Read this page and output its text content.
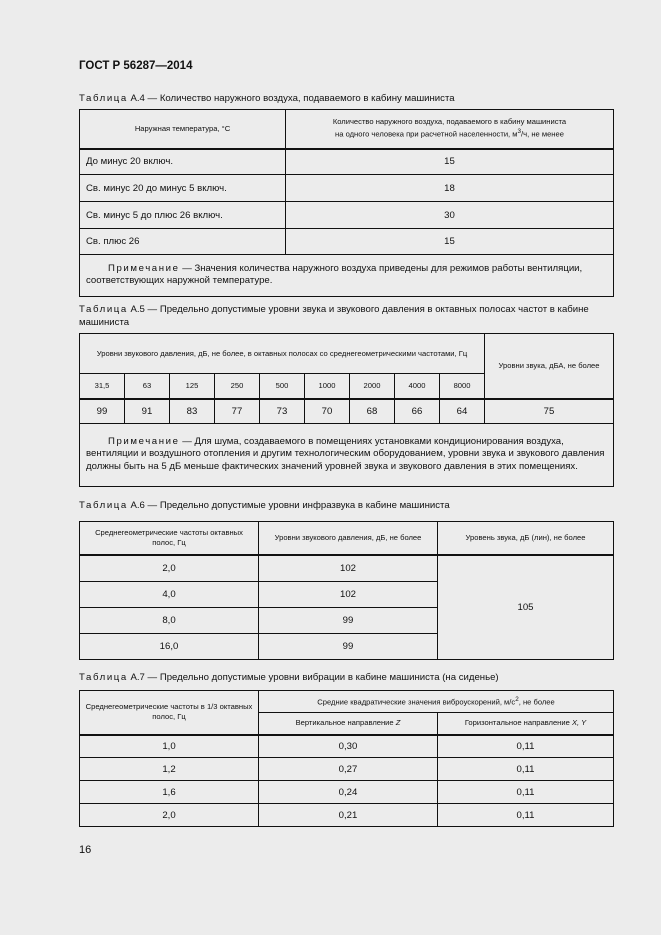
ГОСТ Р 56287—2014
Таблица А.4 — Количество наружного воздуха, подаваемого в кабину машиниста
Наружная температура, °С	Количество наружного воздуха, подаваемого в кабину машиниста
на одного человека при расчетной населенности, $м^3/ч$, не менее
До минус 20 включ.	15
Св. минус 20 до минус 5 включ.	18
Св. минус 5 до плюс 26 включ.	30
Св. плюс 26	15
Примечание — Значения количества наружного воздуха приведены для режимов работы вентиляции, соответствующих наружной температуре.	
Таблица А.5 — Предельно допустимые уровни звука и звукового давления в октавных полосах частот в кабине машиниста
Уровни звукового давления, дБ, не более, в октавных полосах со среднегеометрическими частотами, Гц									Уровни звука, дБА, не более
31,5	63	125	250	500	1000	2000	4000	8000	
99	91	83	77	73	70	68	66	64	75
Примечание — Для шума, создаваемого в помещениях установками кондиционирования воздуха, вентиляции и воздушного отопления и другим технологическим оборудованием, уровни звука и звукового давления должны быть на 5 дБ меньше фактических значений уровней звука и звукового давления в этих помещениях.									
Таблица А.6 — Предельно допустимые уровни инфразвука в кабине машиниста
Среднегеометрические частоты октавных полос, Гц	Уровни звукового давления, дБ, не более	Уровень звука, дБ (лин), не более
2,0	102	105
4,0	102	
8,0	99	
16,0	99	
Таблица А.7 — Предельно допустимые уровни вибрации в кабине машиниста (на сиденье)
Среднегеометрические частоты в 1/3 октавных полос, Гц	Средние квадратические значения виброускорений, $м/с^2$, не более	
	Вертикальное направление Z	Горизонтальное направление X, Y
1,0	0,30	0,11
1,2	0,27	0,11
1,6	0,24	0,11
2,0	0,21	0,11
16
